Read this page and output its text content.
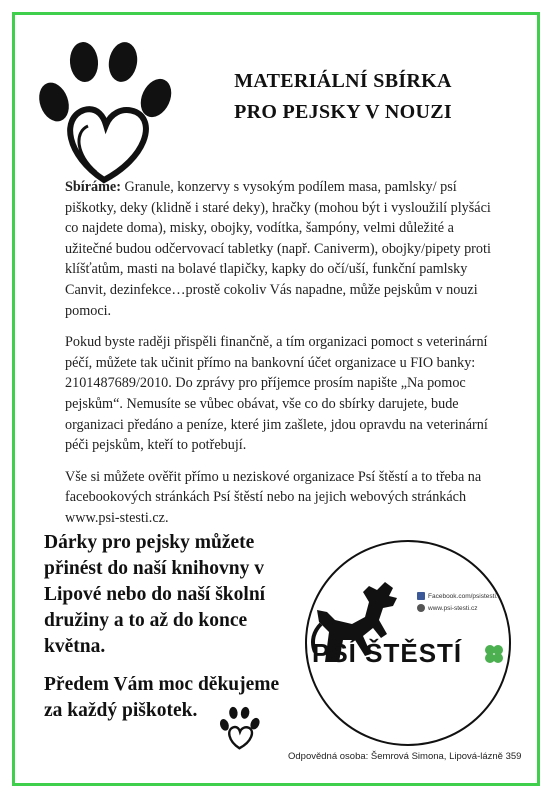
MATERIÁLNÍ SBÍRKA
PRO PEJSKY V NOUZI

Sbíráme: Granule, konzervy s vysokým podílem masa, pamlsky/ psí piškotky, deky (klidně i staré deky), hračky (mohou být i vysloužilí plyšáci co najdete doma), misky, obojky, vodítka, šampóny, velmi důležité a užitečné budou odčervovací tabletky (např. Caniverm), obojky/pipety proti klíšťatům, masti na bolavé tlapičky, kapky do očí/uší, funkční pamlsky Canvit, dezinfekce…prostě cokoliv Vás napadne, může pejskům v nouzi pomoci.

Pokud byste raději přispěli finančně, a tím organizaci pomoct s veterinární péčí, můžete tak učinit přímo na bankovní účet organizace u FIO banky: 2101487689/2010. Do zprávy pro příjemce prosím napište „Na pomoc pejskům“. Nemusíte se vůbec obávat, vše co do sbírky darujete, bude organizaci předáno a peníze, které jim zašlete, jdou opravdu na veterinární péči pejskům, kteří to potřebují.

Vše si můžete ověřit přímo u neziskové organizace Psí štěstí a to třeba na facebookových stránkách Psí štěstí nebo na jejich webových stránkách www.psi-stesti.cz.

Dárky pro pejsky můžete přinést do naší knihovny v Lipové nebo do naší školní družiny a to až do konce května.

Předem Vám moc děkujeme za každý piškotek.

Facebook.com/psistesti.cz
www.psi-stesti.cz
PSÍ ŠTĚSTÍ
Odpovědná osoba: Šemrová Simona, Lipová-lázně 359
